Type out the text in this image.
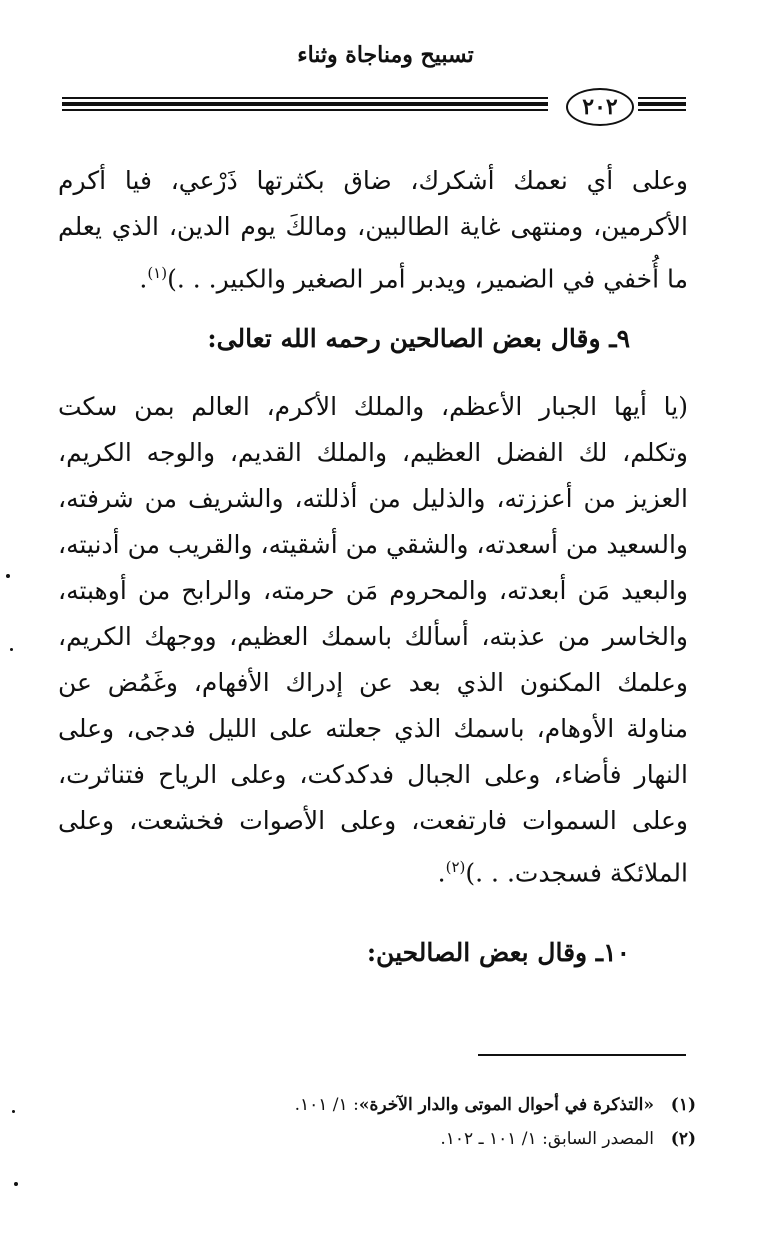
تسبيح ومناجاة وثناء
٢٠٢
وعلى أي نعمك أشكرك، ضاق بكثرتها ذَرْعي، فيا أكرم الأكرمين، ومنتهى غاية الطالبين، ومالكَ يوم الدين، الذي يعلم ما أُخفي في الضمير، ويدبر أمر الصغير والكبير. . .)$^{(١)}$.
٩ـ وقال بعض الصالحين رحمه الله تعالى:
(يا أيها الجبار الأعظم، والملك الأكرم، العالم بمن سكت وتكلم، لك الفضل العظيم، والملك القديم، والوجه الكريم، العزيز من أعززته، والذليل من أذللته، والشريف من شرفته، والسعيد من أسعدته، والشقي من أشقيته، والقريب من أدنيته، والبعيد مَن أبعدته، والمحروم مَن حرمته، والرابح من أوهبته، والخاسر من عذبته، أسألك باسمك العظيم، ووجهك الكريم، وعلمك المكنون الذي بعد عن إدراك الأفهام، وغَمُض عن مناولة الأوهام، باسمك الذي جعلته على الليل فدجى، وعلى النهار فأضاء، وعلى الجبال فدكدكت، وعلى الرياح فتناثرت، وعلى السموات فارتفعت، وعلى الأصوات فخشعت، وعلى الملائكة فسجدت. . .)$^{(٢)}$.
١٠ـ وقال بعض الصالحين:
(١)«التذكرة في أحوال الموتى والدار الآخرة»: ١/ ١٠١.
(٢)المصدر السابق: ١/ ١٠١ ـ ١٠٢.
